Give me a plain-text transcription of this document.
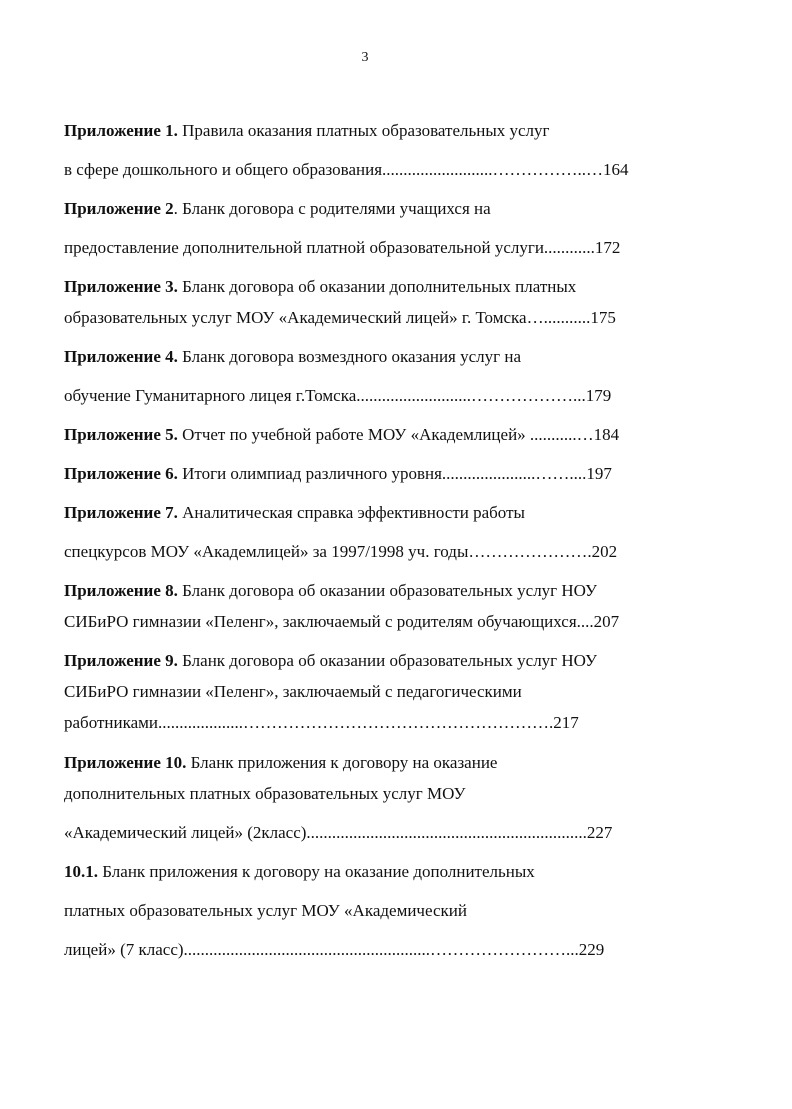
3
Приложение 1. Правила оказания платных образовательных услуг
в сфере дошкольного и общего образования..........................……………..…164
Приложение 2. Бланк договора с родителями учащихся на
предоставление дополнительной платной образовательной услуги............172
Приложение 3. Бланк договора об оказании дополнительных платных
образовательных услуг МОУ «Академический лицей» г. Томска…...........175
Приложение 4. Бланк договора возмездного оказания услуг на
обучение Гуманитарного лицея г.Томска...........................………………...179
Приложение 5. Отчет по учебной работе МОУ «Академлицей» ...........…184
Приложение 6. Итоги олимпиад различного уровня......................……....197
Приложение 7. Аналитическая справка эффективности работы
спецкурсов МОУ «Академлицей» за 1997/1998 уч. годы………………….202
Приложение 8. Бланк договора об оказании образовательных услуг НОУ
СИБиРО гимназии «Пеленг», заключаемый с родителям обучающихся....207
Приложение 9. Бланк договора об оказании образовательных услуг НОУ
СИБиРО гимназии «Пеленг», заключаемый с педагогическими
работниками....................……………………………………………….217
Приложение 10. Бланк приложения к договору на оказание
дополнительных платных образовательных услуг МОУ
«Академический лицей» (2класс)..................................................................227
10.1. Бланк приложения к договору на оказание дополнительных
платных образовательных услуг МОУ «Академический
лицей» (7 класс)..........................................................……………………...229
